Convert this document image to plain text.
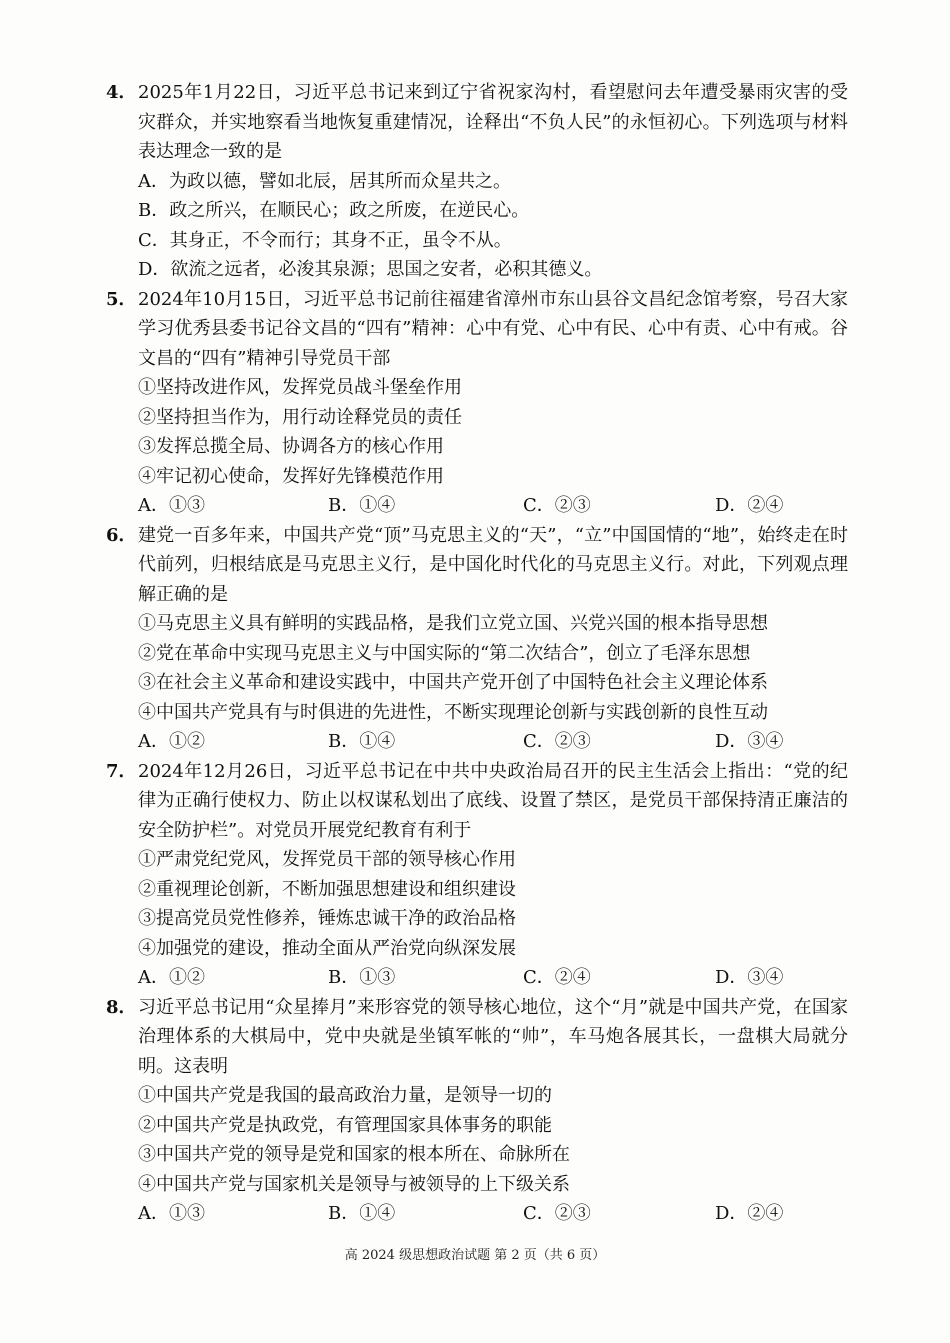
4． 2025年1月22日，习近平总书记来到辽宁省祝家沟村，看望慰问去年遭受暴雨灾害的受灾群众，并实地察看当地恢复重建情况，诠释出“不负人民”的永恒初心。下列选项与材料表达理念一致的是
A．为政以德，譬如北辰，居其所而众星共之。
B．政之所兴，在顺民心；政之所废，在逆民心。
C．其身正，不令而行；其身不正，虽令不从。
D．欲流之远者，必浚其泉源；思国之安者，必积其德义。
5． 2024年10月15日，习近平总书记前往福建省漳州市东山县谷文昌纪念馆考察，号召大家学习优秀县委书记谷文昌的“四有”精神：心中有党、心中有民、心中有责、心中有戒。谷文昌的“四有”精神引导党员干部
①坚持改进作风，发挥党员战斗堡垒作用
②坚持担当作为，用行动诠释党员的责任
③发挥总揽全局、协调各方的核心作用
④牢记初心使命，发挥好先锋模范作用
A．①③	B．①④	C．②③	D．②④
6． 建党一百多年来，中国共产党“顶”马克思主义的“天”，“立”中国国情的“地”，始终走在时代前列，归根结底是马克思主义行，是中国化时代化的马克思主义行。对此，下列观点理解正确的是
①马克思主义具有鲜明的实践品格，是我们立党立国、兴党兴国的根本指导思想
②党在革命中实现马克思主义与中国实际的“第二次结合”，创立了毛泽东思想
③在社会主义革命和建设实践中，中国共产党开创了中国特色社会主义理论体系
④中国共产党具有与时俱进的先进性，不断实现理论创新与实践创新的良性互动
A．①②	B．①④	C．②③	D．③④
7． 2024年12月26日，习近平总书记在中共中央政治局召开的民主生活会上指出：“党的纪律为正确行使权力、防止以权谋私划出了底线、设置了禁区，是党员干部保持清正廉洁的安全防护栏”。对党员开展党纪教育有利于
①严肃党纪党风，发挥党员干部的领导核心作用
②重视理论创新，不断加强思想建设和组织建设
③提高党员党性修养，锤炼忠诚干净的政治品格
④加强党的建设，推动全面从严治党向纵深发展
A．①②	B．①③	C．②④	D．③④
8． 习近平总书记用“众星捧月”来形容党的领导核心地位，这个“月”就是中国共产党，在国家治理体系的大棋局中，党中央就是坐镇军帐的“帅”，车马炮各展其长，一盘棋大局就分明。这表明
①中国共产党是我国的最高政治力量，是领导一切的
②中国共产党是执政党，有管理国家具体事务的职能
③中国共产党的领导是党和国家的根本所在、命脉所在
④中国共产党与国家机关是领导与被领导的上下级关系
A．①③	B．①④	C．②③	D．②④
高 2024 级思想政治试题 第 2 页（共 6 页）
